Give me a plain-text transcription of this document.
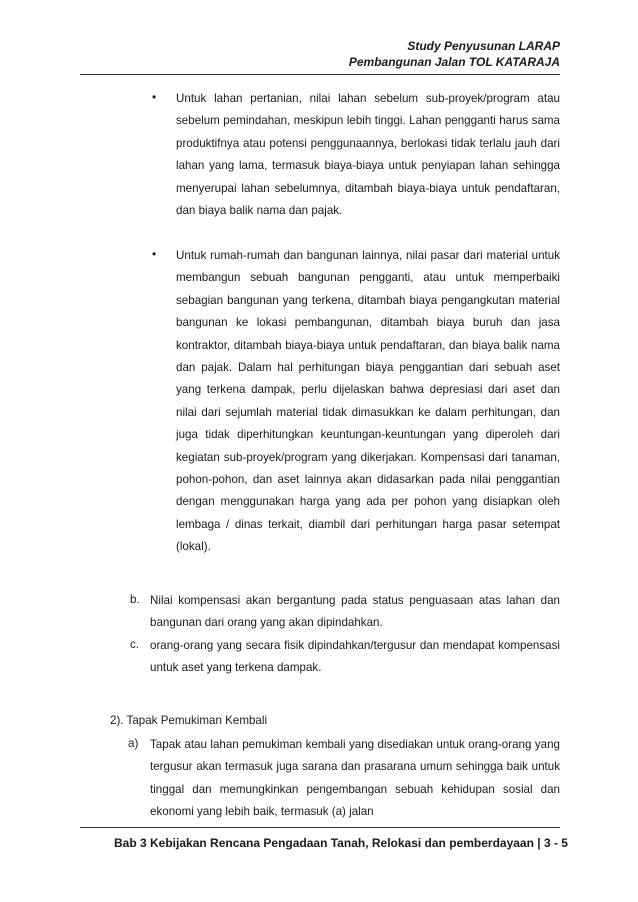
Study Penyusunan LARAP
Pembangunan Jalan TOL KATARAJA
• Untuk lahan pertanian, nilai lahan sebelum sub-proyek/program atau sebelum pemindahan, meskipun lebih tinggi. Lahan pengganti harus sama produktifnya atau potensi penggunaannya, berlokasi tidak terlalu jauh dari lahan yang lama, termasuk biaya-biaya untuk penyiapan lahan sehingga menyerupai lahan sebelumnya, ditambah biaya-biaya untuk pendaftaran, dan biaya balik nama dan pajak.
• Untuk rumah-rumah dan bangunan lainnya, nilai pasar dari material untuk membangun sebuah bangunan pengganti, atau untuk memperbaiki sebagian bangunan yang terkena, ditambah biaya pengangkutan material bangunan ke lokasi pembangunan, ditambah biaya buruh dan jasa kontraktor, ditambah biaya-biaya untuk pendaftaran, dan biaya balik nama dan pajak. Dalam hal perhitungan biaya penggantian dari sebuah aset yang terkena dampak, perlu dijelaskan bahwa depresiasi dari aset dan nilai dari sejumlah material tidak dimasukkan ke dalam perhitungan, dan juga tidak diperhitungkan keuntungan-keuntungan yang diperoleh dari kegiatan sub-proyek/program yang dikerjakan. Kompensasi dari tanaman, pohon-pohon, dan aset lainnya akan didasarkan pada nilai penggantian dengan menggunakan harga yang ada per pohon yang disiapkan oleh lembaga / dinas terkait, diambil dari perhitungan harga pasar setempat (lokal).
b. Nilai kompensasi akan bergantung pada status penguasaan atas lahan dan bangunan dari orang yang akan dipindahkan.
c. orang-orang yang secara fisik dipindahkan/tergusur dan mendapat kompensasi untuk aset yang terkena dampak.
2). Tapak Pemukiman Kembali
a) Tapak atau lahan pemukiman kembali yang disediakan untuk orang-orang yang tergusur akan termasuk juga sarana dan prasarana umum sehingga baik untuk tinggal dan memungkinkan pengembangan sebuah kehidupan sosial dan ekonomi yang lebih baik, termasuk (a) jalan
Bab 3 Kebijakan Rencana Pengadaan Tanah, Relokasi dan pemberdayaan | 3 - 5
